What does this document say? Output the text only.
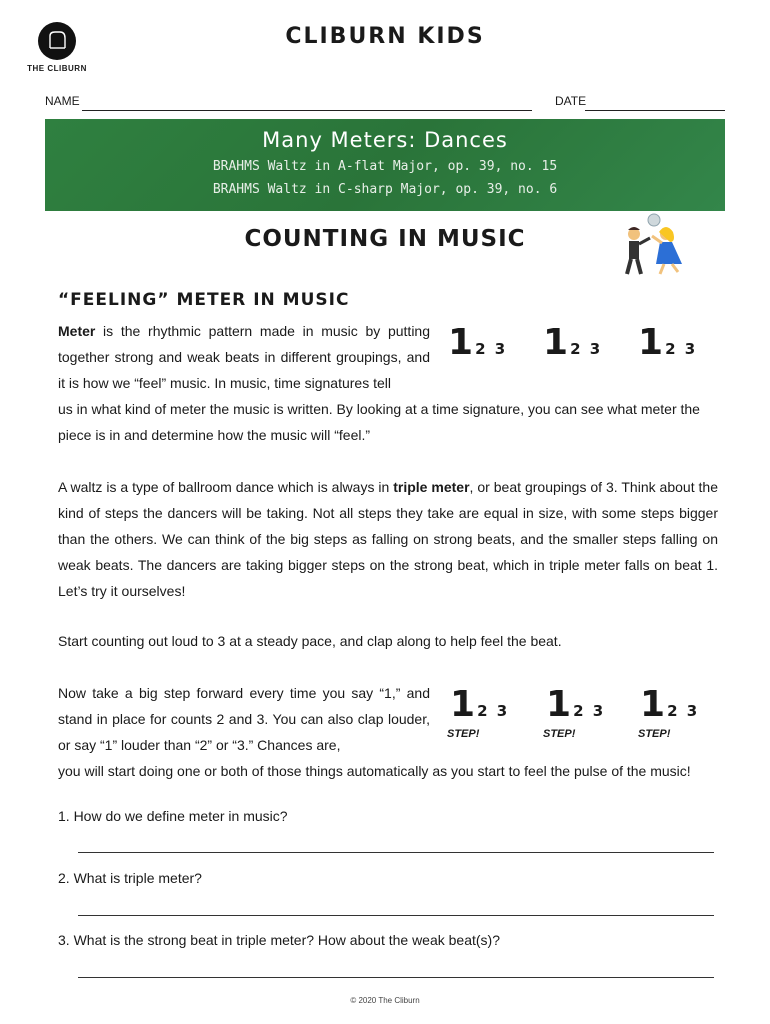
THE CLIBURN
CLIBURN KIDS
NAME	DATE
Many Meters: Dances
BRAHMS Waltz in A-flat Major, op. 39, no. 15
BRAHMS Waltz in C-sharp Major, op. 39, no. 6
COUNTING IN MUSIC
“FEELING” METER IN MUSIC
Meter is the rhythmic pattern made in music by putting together strong and weak beats in different groupings, and it is how we “feel” music. In music, time signatures tell
us in what kind of meter the music is written. By looking at a time signature, you can see what meter the piece is in and determine how the music will “feel.”
1 2 3 1 2 3 1 2 3
A waltz is a type of ballroom dance which is always in triple meter, or beat groupings of 3. Think about the kind of steps the dancers will be taking. Not all steps they take are equal in size, with some steps bigger than the others. We can think of the big steps as falling on strong beats, and the smaller steps falling on weak beats. The dancers are taking bigger steps on the strong beat, which in triple meter falls on beat 1. Let’s try it ourselves!
Start counting out loud to 3 at a steady pace, and clap along to help feel the beat.
Now take a big step forward every time you say “1,” and stand in place for counts 2 and 3. You can also clap louder, or say “1” louder than “2” or “3.” Chances are,
you will start doing one or both of those things automatically as you start to feel the pulse of the music!
1 2 3 1 2 3 1 2 3
STEP!	STEP!	STEP!
1. How do we define meter in music?
2. What is triple meter?
3. What is the strong beat in triple meter? How about the weak beat(s)?
© 2020 The Cliburn
